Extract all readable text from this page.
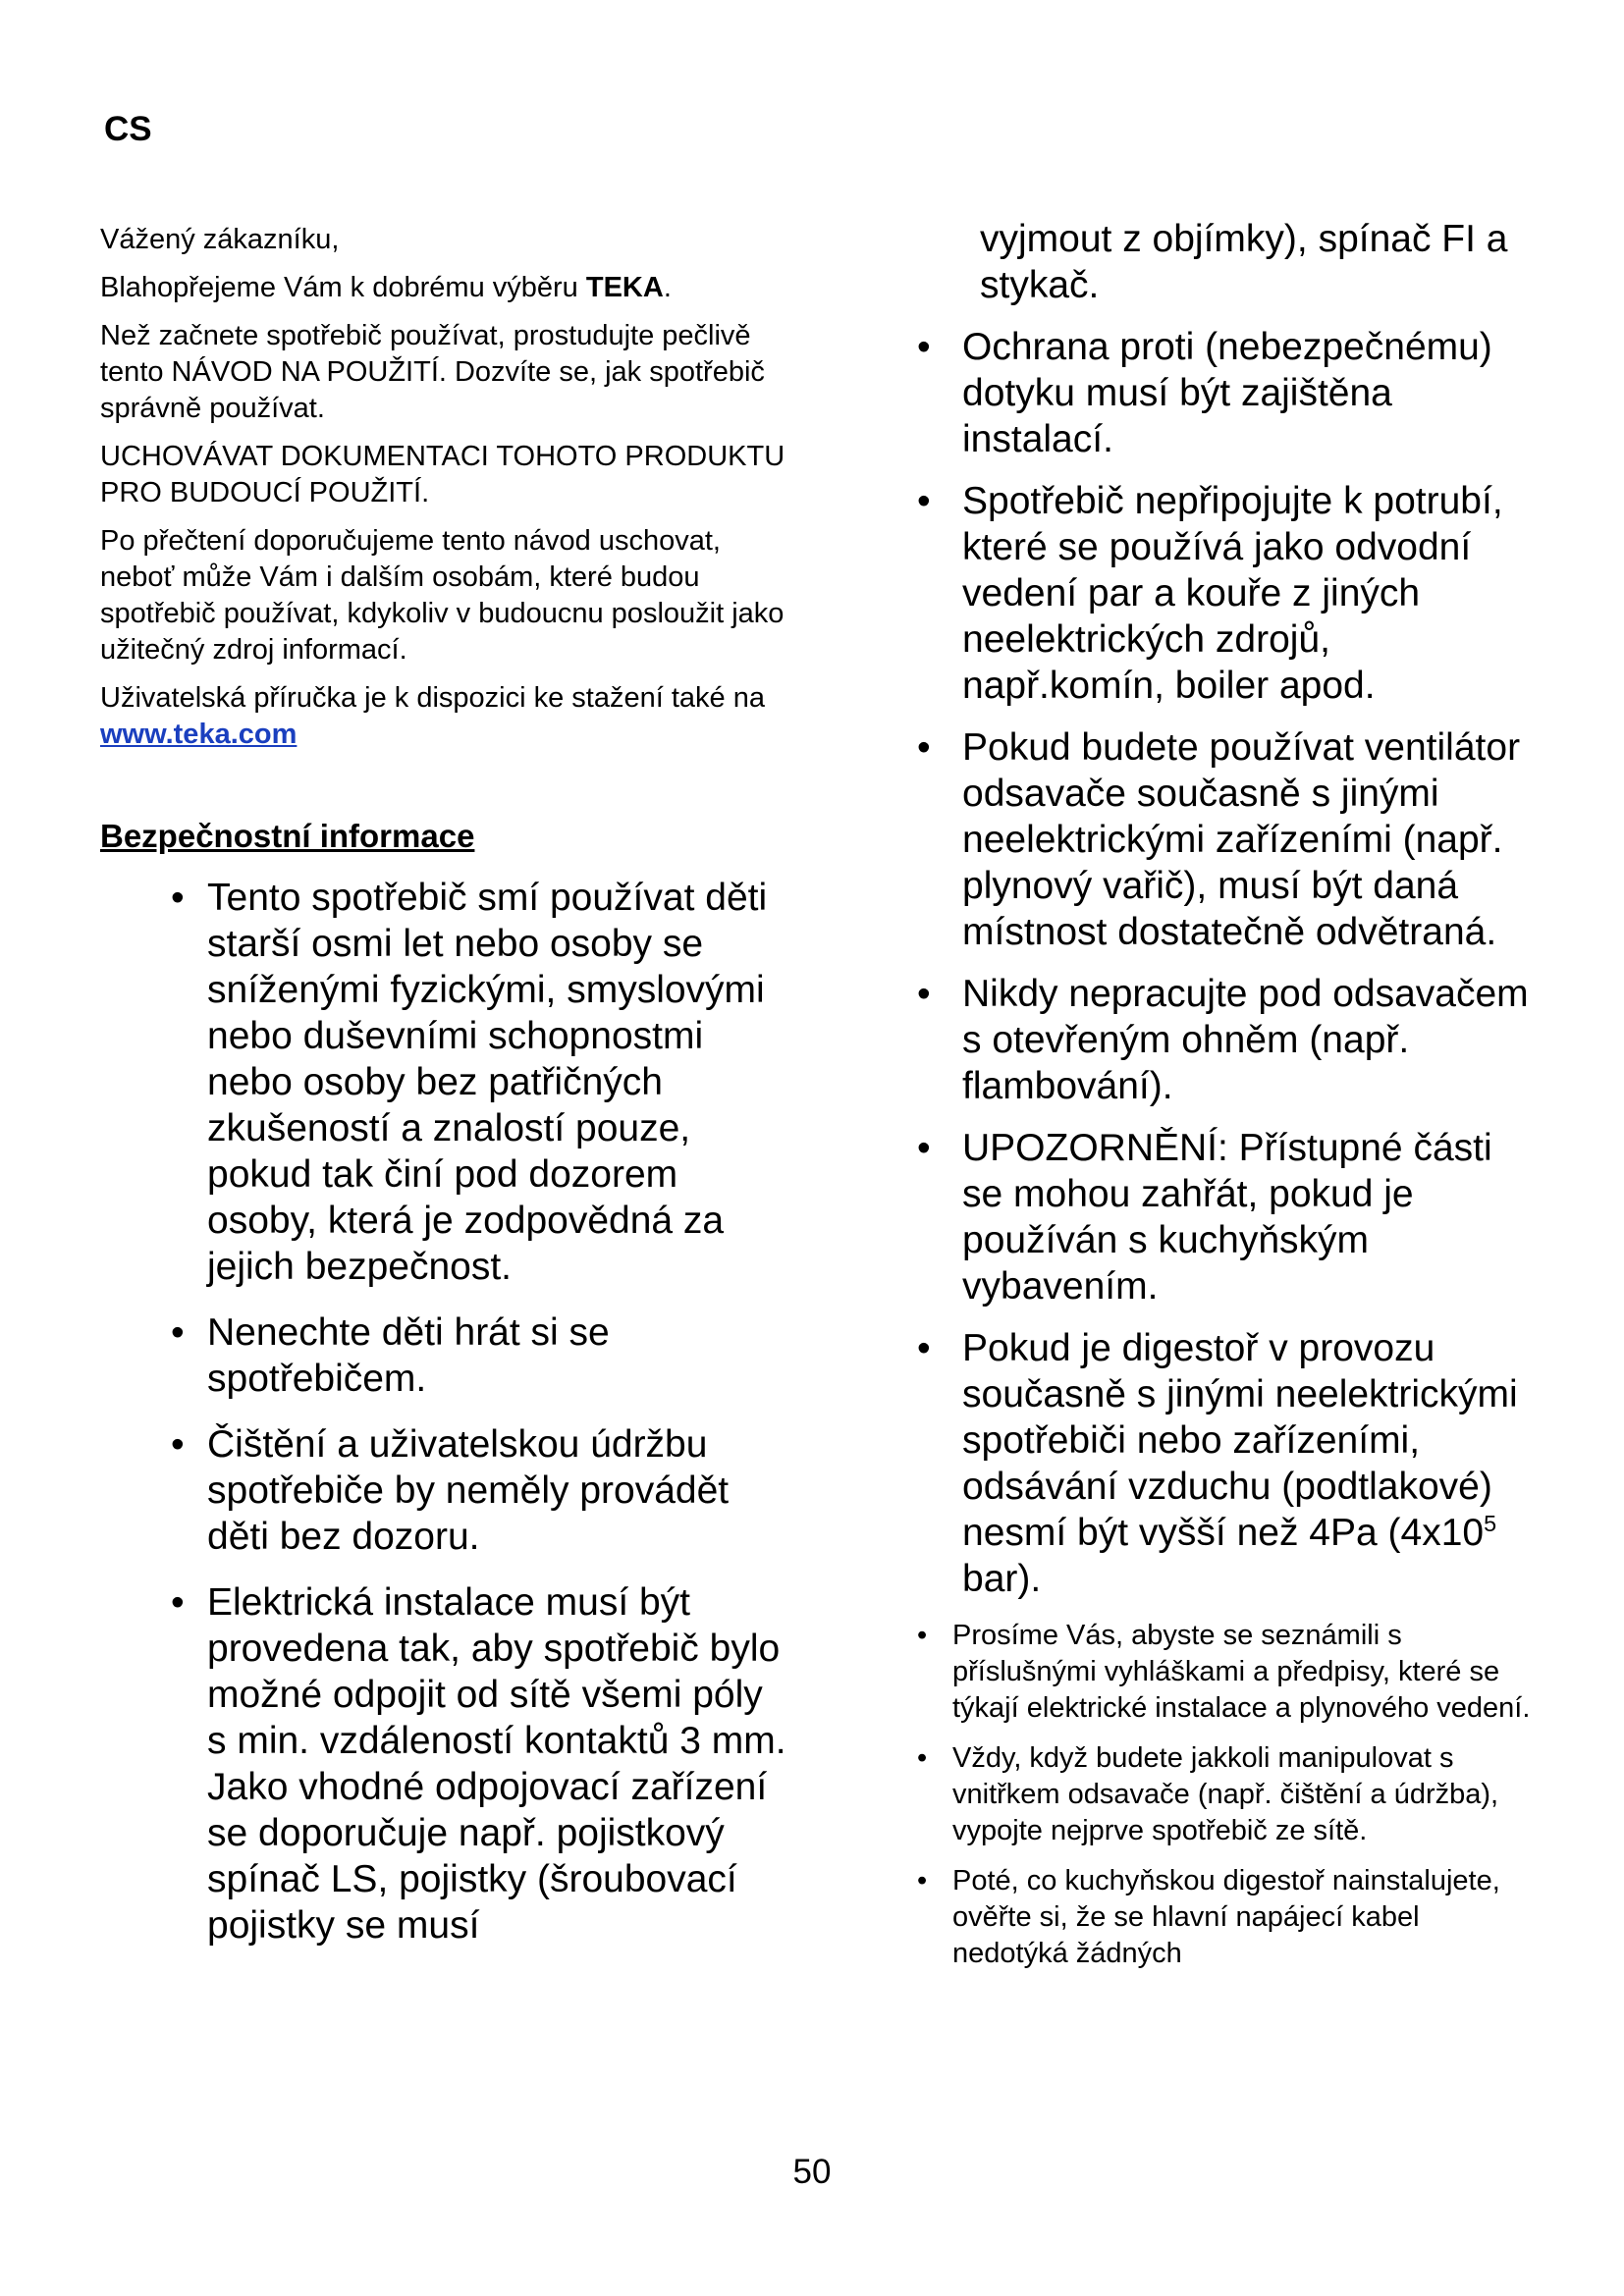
CS

Vážený zákazníku,

Blahopřejeme Vám k dobrému výběru TEKA.

Než začnete spotřebič používat, prostudujte pečlivě tento NÁVOD NA POUŽITÍ. Dozvíte se, jak spotřebič správně používat.

UCHOVÁVAT DOKUMENTACI TOHOTO PRODUKTU PRO BUDOUCÍ POUŽITÍ.

Po přečtení doporučujeme tento návod uschovat, neboť může Vám i dalším osobám, které budou spotřebič používat, kdykoliv v budoucnu posloužit jako užitečný zdroj informací.

Uživatelská příručka je k dispozici ke stažení také na www.teka.com

Bezpečnostní informace
• Tento spotřebič smí používat děti starší osmi let nebo osoby se sníženými fyzickými, smyslovými nebo duševními schopnostmi nebo osoby bez patřičných zkušeností a znalostí pouze, pokud tak činí pod dozorem osoby, která je zodpovědná za jejich bezpečnost.
• Nenechte děti hrát si se spotřebičem.
• Čištění a uživatelskou údržbu spotřebiče by neměly provádět děti bez dozoru.
• Elektrická instalace musí být provedena tak, aby spotřebič bylo možné odpojit od sítě všemi póly s min. vzdáleností kontaktů 3 mm. Jako vhodné odpojovací zařízení se doporučuje např. pojistkový spínač LS, pojistky (šroubovací pojistky se musí
vyjmout z objímky), spínač FI a stykač.
• Ochrana proti (nebezpečnému) dotyku musí být zajištěna instalací.
• Spotřebič nepřipojujte k potrubí, které se používá jako odvodní vedení par a kouře z jiných neelektrických zdrojů, např.komín, boiler apod.
• Pokud budete používat ventilátor odsavače současně s jinými neelektrickými zařízeními (např. plynový vařič), musí být daná místnost dostatečně odvětraná.
• Nikdy nepracujte pod odsavačem s otevřeným ohněm (např. flambování).
• UPOZORNĚNÍ: Přístupné části se mohou zahřát, pokud je používán s kuchyňským vybavením.
• Pokud je digestoř v provozu současně s jinými neelektrickými spotřebiči nebo zařízeními, odsávání vzduchu (podtlakové) nesmí být vyšší než 4Pa ($4x10^5$ bar).
• Prosíme Vás, abyste se seznámili s příslušnými vyhláškami a předpisy, které se týkají elektrické instalace a plynového vedení.
• Vždy, když budete jakkoli manipulovat s vnitřkem odsavače (např. čištění a údržba), vypojte nejprve spotřebič ze sítě.
• Poté, co kuchyňskou digestoř nainstalujete, ověřte si, že se hlavní napájecí kabel nedotýká žádných
50
